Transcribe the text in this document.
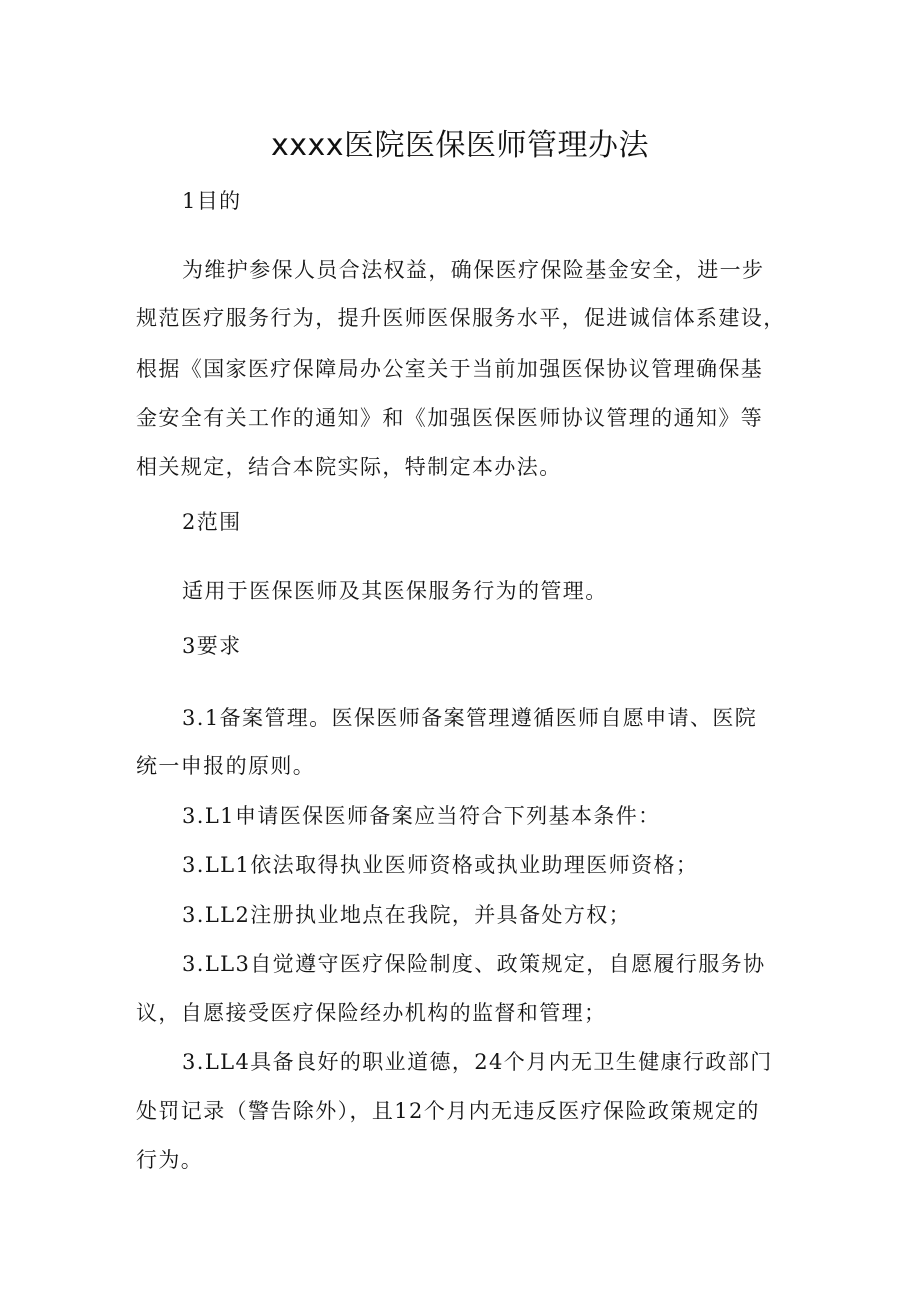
xxxx医院医保医师管理办法
1目的
为维护参保人员合法权益，确保医疗保险基金安全，进一步
规范医疗服务行为，提升医师医保服务水平，促进诚信体系建设，
根据《国家医疗保障局办公室关于当前加强医保协议管理确保基
金安全有关工作的通知》和《加强医保医师协议管理的通知》等
相关规定，结合本院实际，特制定本办法。
2范围
适用于医保医师及其医保服务行为的管理。
3要求
3.1备案管理。医保医师备案管理遵循医师自愿申请、医院
统一申报的原则。
3.L1申请医保医师备案应当符合下列基本条件：
3.LL1依法取得执业医师资格或执业助理医师资格；
3.LL2注册执业地点在我院，并具备处方权；
3.LL3自觉遵守医疗保险制度、政策规定，自愿履行服务协
议，自愿接受医疗保险经办机构的监督和管理；
3.LL4具备良好的职业道德，24个月内无卫生健康行政部门
处罚记录（警告除外），且12个月内无违反医疗保险政策规定的
行为。
